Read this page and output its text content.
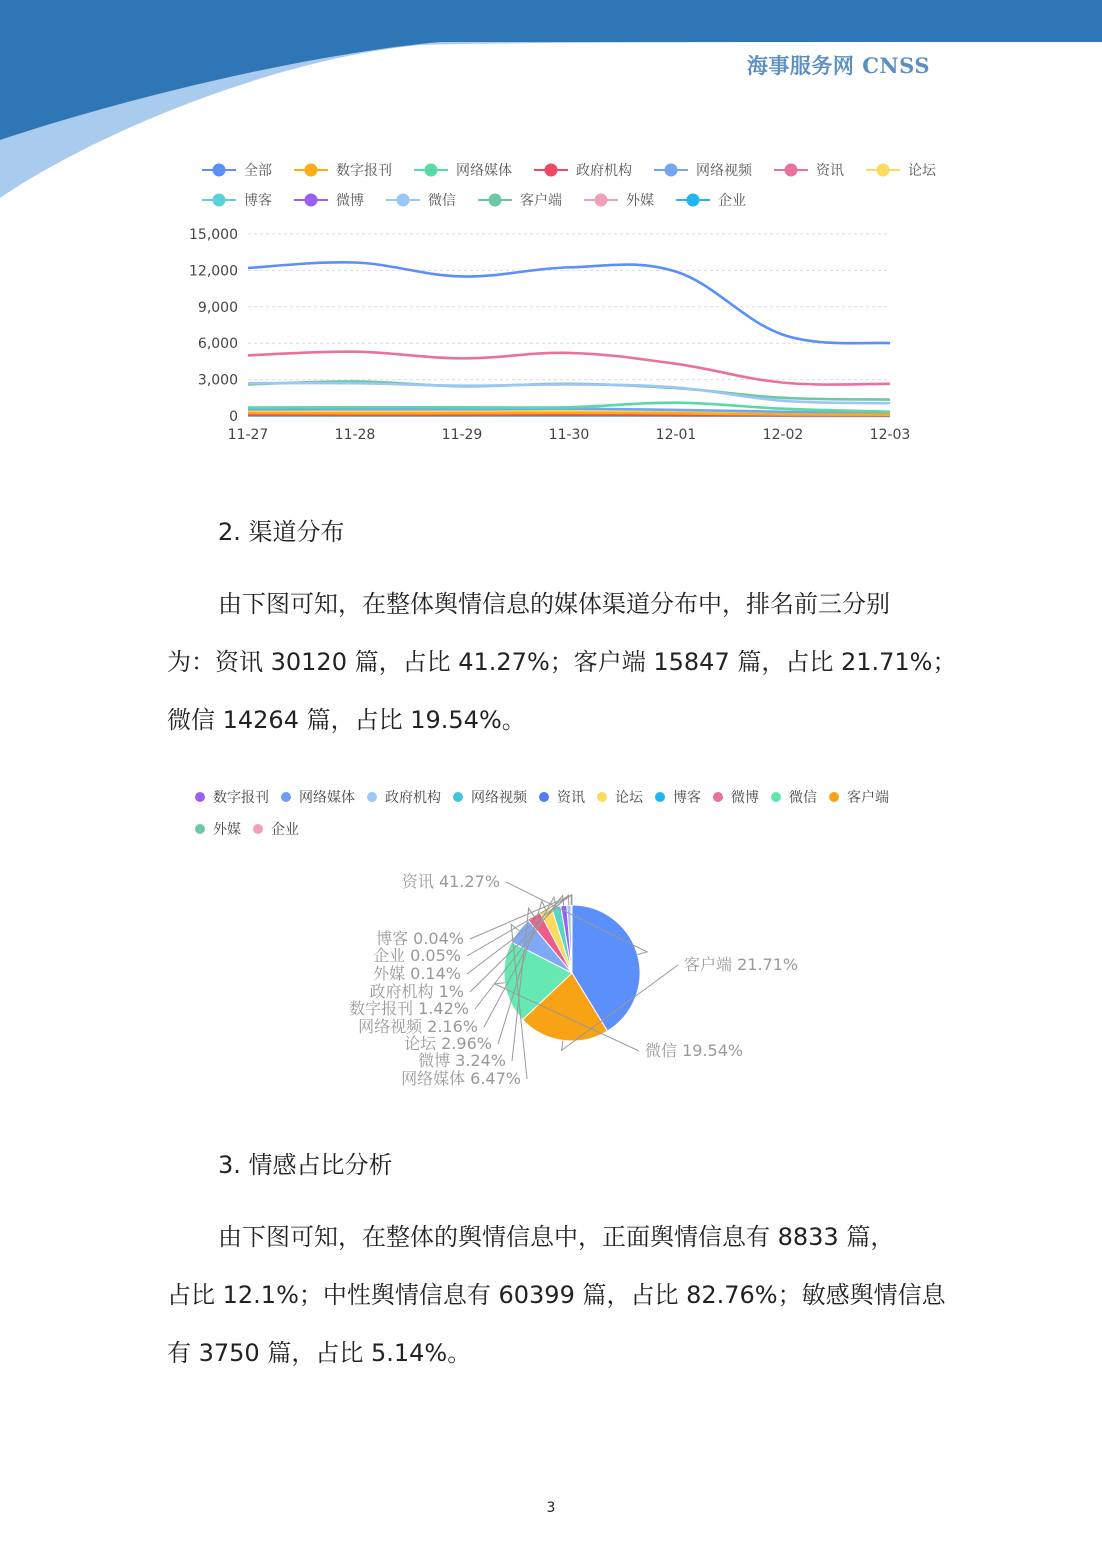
海事服务网 CNSS
全部	数字报刊	网络媒体	政府机构	网络视频	资讯	论坛
博客	微博	微信	客户端	外媒	企业
0
3,000
6,000
9,000
12,000
15,000
11-27	11-28	11-29	11-30	12-01	12-02	12-03
2. 渠道分布

由下图可知，在整体舆情信息的媒体渠道分布中，排名前三分别

为：资讯 30120 篇，占比 41.27%；客户端 15847 篇，占比 21.71%；

微信 14264 篇，占比 19.54%。

数字报刊 网络媒体 政府机构 网络视频 资讯 论坛 博客 微博 微信 客户端
外媒 企业
资讯 41.27%
客户端 21.71%
微信 19.54%
网络媒体 6.47%
微博 3.24%
论坛 2.96%
网络视频 2.16%
数字报刊 1.42%
政府机构 1%
外媒 0.14%
企业 0.05%
博客 0.04%
3. 情感占比分析

由下图可知，在整体的舆情信息中，正面舆情信息有 8833 篇，

占比 12.1%；中性舆情信息有 60399 篇，占比 82.76%；敏感舆情信息

有 3750 篇，占比 5.14%。

3
